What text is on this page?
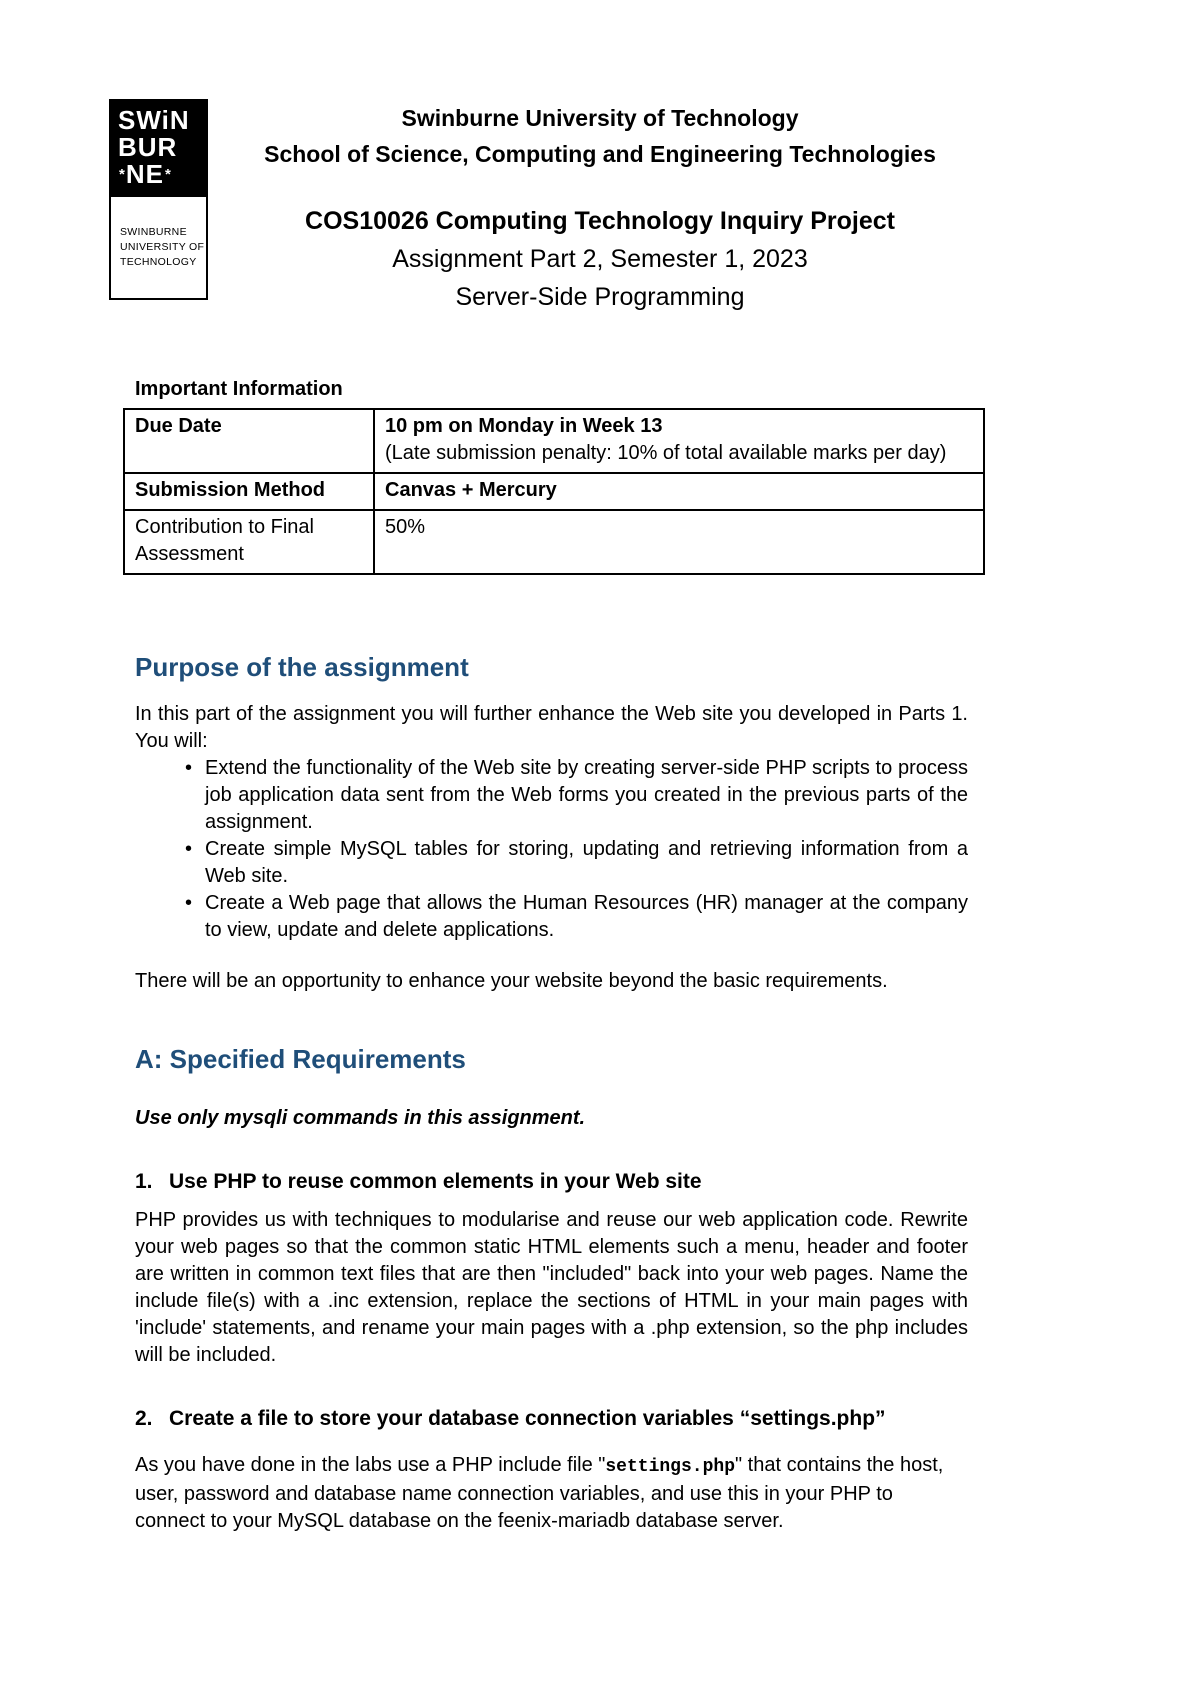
SWiN
BUR
*NE*
SWINBURNE
UNIVERSITY OF
TECHNOLOGY
Swinburne University of Technology
School of Science, Computing and Engineering Technologies
COS10026 Computing Technology Inquiry Project
Assignment Part 2, Semester 1, 2023
Server-Side Programming
Important Information
Due Date	10 pm on Monday in Week 13
(Late submission penalty: 10% of total available marks per day)

Submission Method	Canvas + Mercury

Contribution to Final Assessment	50%
Purpose of the assignment
In this part of the assignment you will further enhance the Web site you developed in Parts 1. You will:
• Extend the functionality of the Web site by creating server-side PHP scripts to process job application data sent from the Web forms you created in the previous parts of the assignment.
• Create simple MySQL tables for storing, updating and retrieving information from a Web site.
• Create a Web page that allows the Human Resources (HR) manager at the company to view, update and delete applications.
There will be an opportunity to enhance your website beyond the basic requirements.
A: Specified Requirements
Use only mysqli commands in this assignment.
1. Use PHP to reuse common elements in your Web site
PHP provides us with techniques to modularise and reuse our web application code. Rewrite your web pages so that the common static HTML elements such a menu, header and footer are written in common text files that are then "included" back into your web pages. Name the include file(s) with a .inc extension, replace the sections of HTML in your main pages with 'include' statements, and rename your main pages with a .php extension, so the php includes will be included.
2. Create a file to store your database connection variables “settings.php”
As you have done in the labs use a PHP include file "settings.php" that contains the host, user, password and database name connection variables, and use this in your PHP to connect to your MySQL database on the feenix-mariadb database server.
